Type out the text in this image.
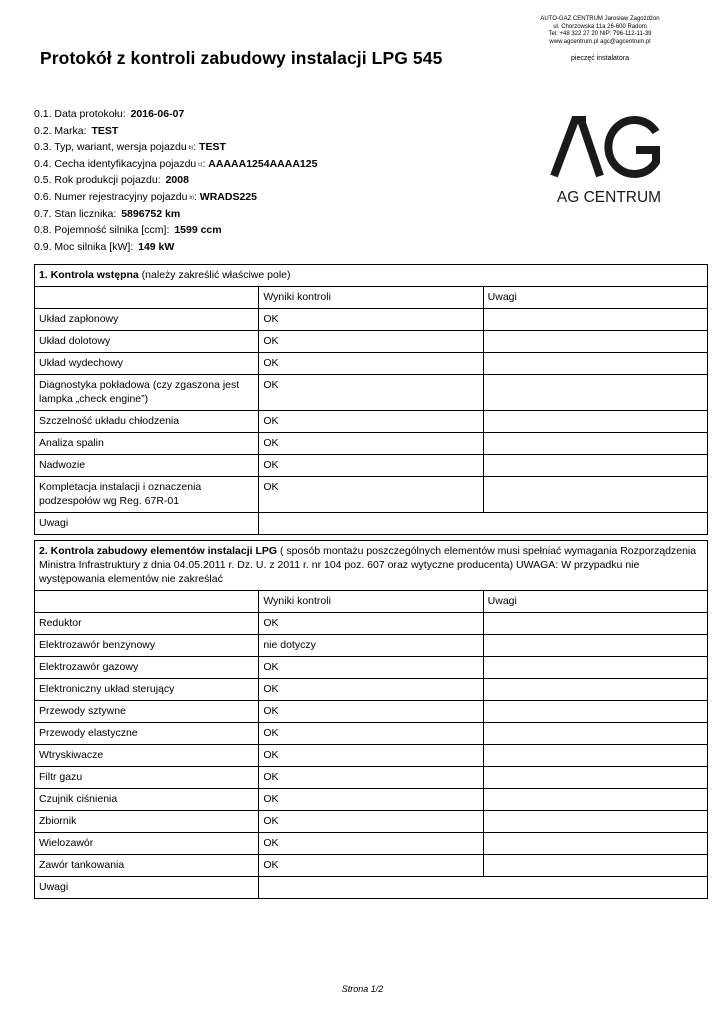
AUTO-GAZ CENTRUM Jarosław Zagożdżon
ul. Chorzowska 11a 26-600 Radom
Tel. +48 322 27 20 NIP: 796-112-11-39
www.agcentrum.pl agc@agcentrum.pl
pieczęć instalatora
Protokół z kontroli zabudowy instalacji LPG 545
0.1. Data protokołu: 2016-06-07
0.2. Marka: TEST
0.3. Typ, wariant, wersja pojazdu $^{b)}$: TEST
0.4. Cecha identyfikacyjna pojazdu $^{c)}$: AAAAA1254AAAA125
0.5. Rok produkcji pojazdu: 2008
0.6. Numer rejestracyjny pojazdu $^{b)}$: WRADS225
0.7. Stan licznika: 5896752 km
0.8. Pojemność silnika [ccm]: 1599 ccm
0.9. Moc silnika [kW]: 149 kW
AG CENTRUM
1. Kontrola wstępna (należy zakreślić właściwe pole)		
	Wyniki kontroli	Uwagi
Układ zapłonowy	OK	
Układ dolotowy	OK	
Układ wydechowy	OK	
Diagnostyka pokładowa (czy zgaszona jest lampka „check engine”)	OK	
Szczelność układu chłodzenia	OK	
Analiza spalin	OK	
Nadwozie	OK	
Kompletacja instalacji i oznaczenia podzespołów wg Reg. 67R-01	OK	
Uwagi		
2. Kontrola zabudowy elementów instalacji LPG ( sposób montażu poszczególnych elementów musi spełniać wymagania Rozporządzenia Ministra Infrastruktury z dnia 04.05.2011 r. Dz. U. z 2011 r. nr 104 poz. 607 oraz wytyczne producenta) UWAGA: W przypadku nie występowania elementów nie zakreślać		
	Wyniki kontroli	Uwagi
Reduktor	OK	
Elektrozawór benzynowy	nie dotyczy	
Elektrozawór gazowy	OK	
Elektroniczny układ sterujący	OK	
Przewody sztywne	OK	
Przewody elastyczne	OK	
Wtryskiwacze	OK	
Filtr gazu	OK	
Czujnik ciśnienia	OK	
Zbiornik	OK	
Wielozawór	OK	
Zawór tankowania	OK	
Uwagi		
Strona 1/2
